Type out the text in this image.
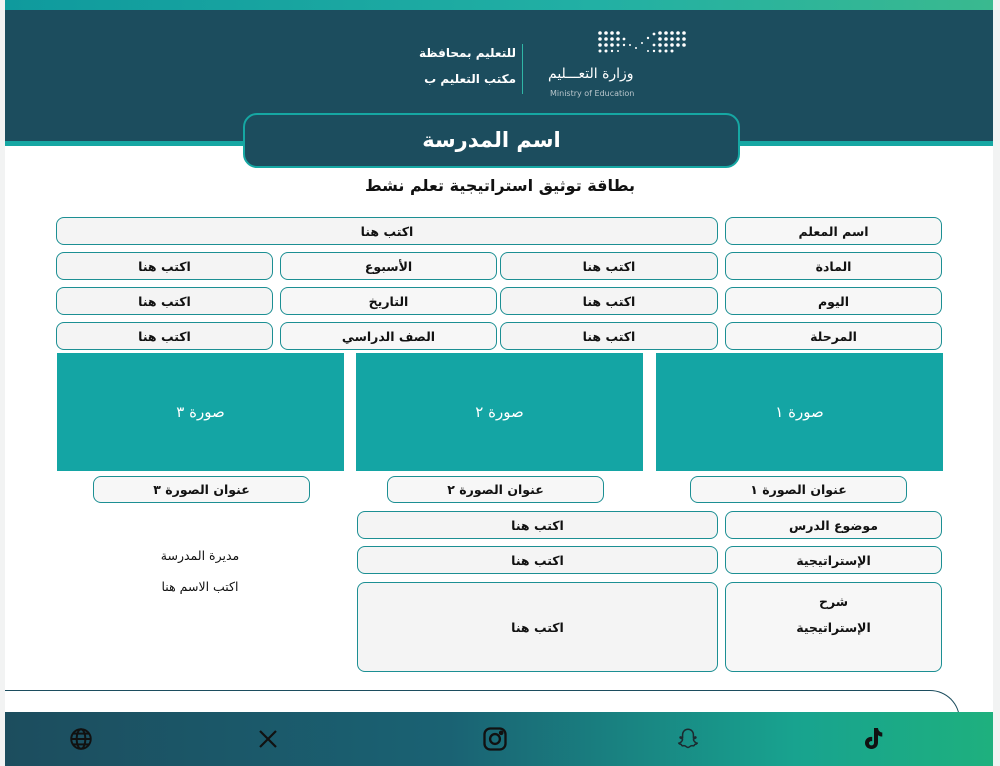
للتعليم بمحافظة
مكتب التعليم ب وزارة التعـــليم
Ministry of Education
اسم المدرسة
بطاقة توثيق استراتيجية تعلم نشط
اسم المعلم
اكتب هنا
المادة
اكتب هنا
الأسبوع
اكتب هنا
اليوم
اكتب هنا
التاريخ
اكتب هنا
المرحلة
اكتب هنا
الصف الدراسي
اكتب هنا
صورة ١
صورة ٢
صورة ٣
عنوان الصورة ١
عنوان الصورة ٢
عنوان الصورة ٣
موضوع الدرس
اكتب هنا
الإستراتيجية
اكتب هنا
شرح
الإستراتيجية
اكتب هنا
مديرة المدرسة
اكتب الاسم هنا
